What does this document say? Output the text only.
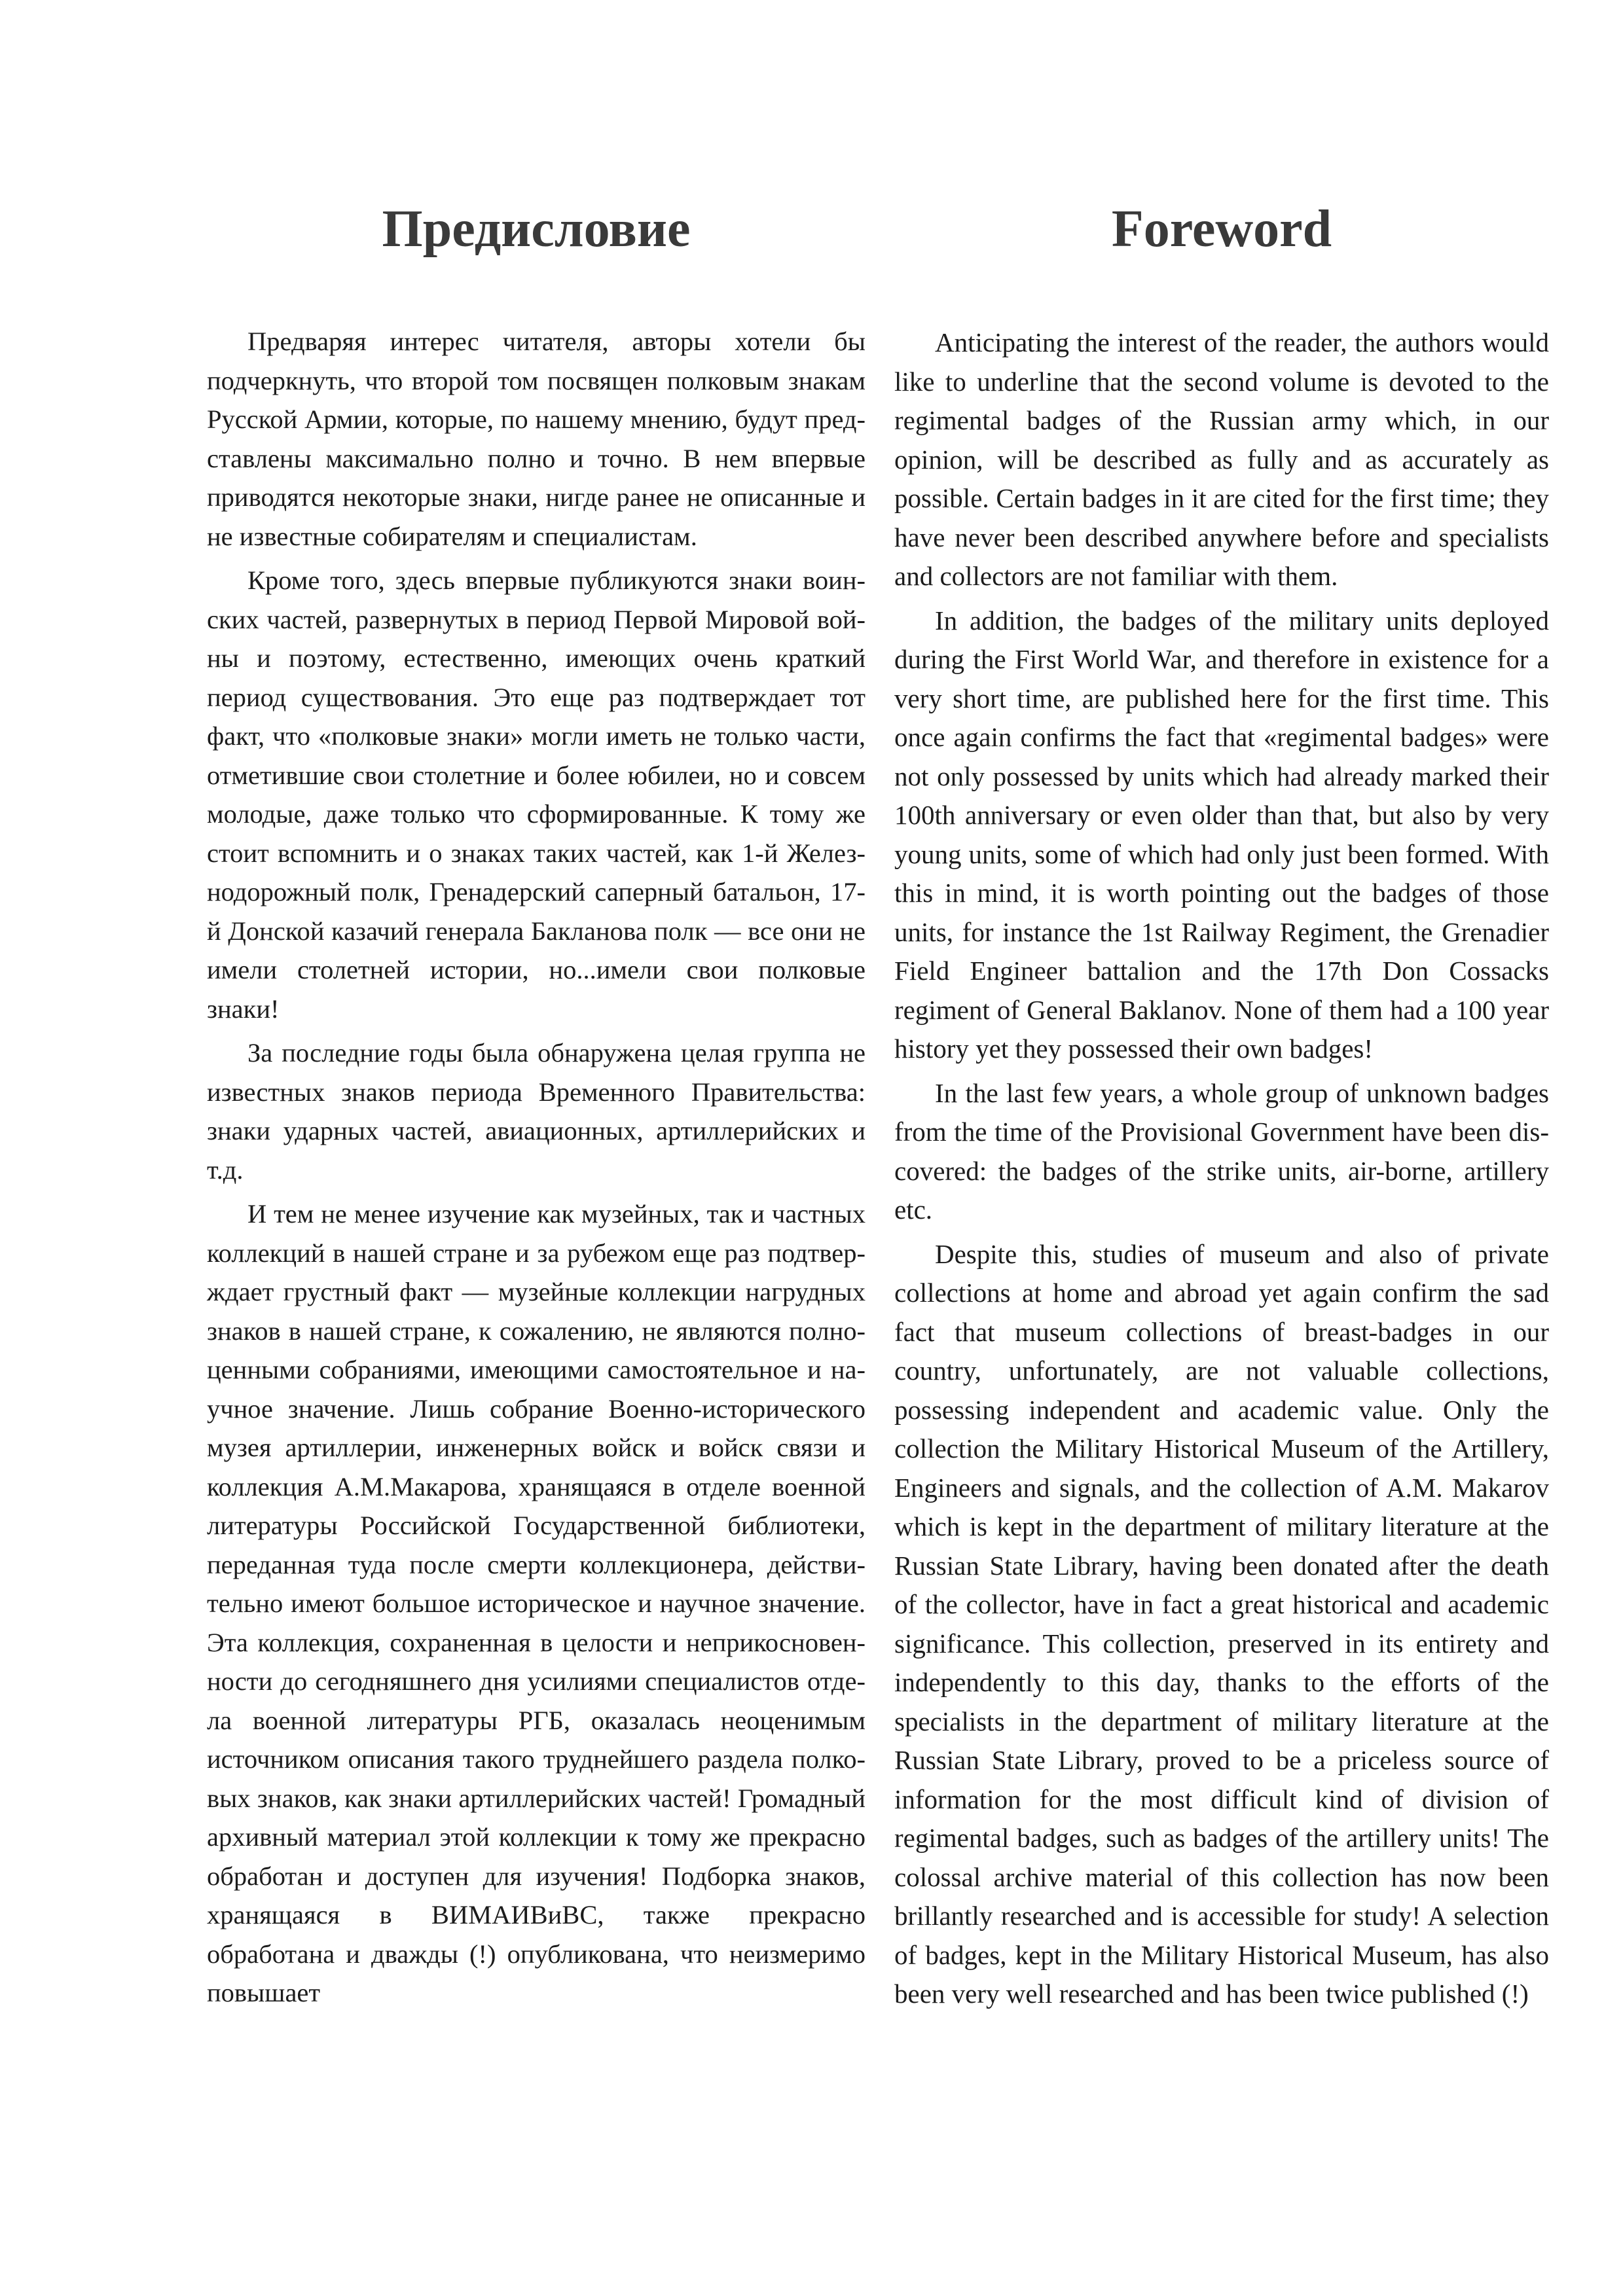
Предисловие

Предваряя интерес читателя, авторы хотели бы подчеркнуть, что второй том посвящен полковым знакам Русской Армии, которые, по нашему мнению, будут представлены максимально полно и точно. В нем впервые приводятся некоторые знаки, нигде ранее не описанные и не известные собирателям и специалистам.

Кроме того, здесь впервые публикуются знаки воинских частей, развернутых в период Первой Мировой войны и поэтому, естественно, имеющих очень краткий период существования. Это еще раз подтверждает тот факт, что «полковые знаки» могли иметь не только части, отметившие свои столетние и более юбилеи, но и совсем молодые, даже только что сформированные. К тому же стоит вспомнить и о знаках таких частей, как 1-й Железнодорожный полк, Гренадерский саперный батальон, 17-й Донской казачий генерала Бакланова полк — все они не имели столетней истории, но...имели свои полковые знаки!

За последние годы была обнаружена целая группа не известных знаков периода Временного Правительства: знаки ударных частей, авиационных, артиллерийских и т.д.

И тем не менее изучение как музейных, так и частных коллекций в нашей стране и за рубежом еще раз подтверждает грустный факт — музейные коллекции нагрудных знаков в нашей стране, к сожалению, не являются полноценными собраниями, имеющими самостоятельное и научное значение. Лишь собрание Военно-исторического музея артиллерии, инженерных войск и войск связи и коллекция А.М.Макарова, хранящаяся в отделе военной литературы Российской Государственной библиотеки, переданная туда после смерти коллекционера, действительно имеют большое историческое и научное значение. Эта коллекция, сохраненная в целости и неприкосновенности до сегодняшнего дня усилиями специалистов отдела военной литературы РГБ, оказалась неоценимым источником описания такого труднейшего раздела полковых знаков, как знаки артиллерийских частей! Громадный архивный материал этой коллекции к тому же прекрасно обработан и доступен для изучения! Подборка знаков, хранящаяся в ВИМАИВиВС, также прекрасно обработана и дважды (!) опубликована, что неизмеримо повышает

Foreword

Anticipating the interest of the reader, the authors would like to underline that the second volume is devoted to the regimental badges of the Russian army which, in our opinion, will be described as fully and as accurately as possible. Certain badges in it are cited for the first time; they have never been described anywhere before and specialists and collectors are not familiar with them.

In addition, the badges of the military units deployed during the First World War, and therefore in existence for a very short time, are published here for the first time. This once again confirms the fact that «regimental badges» were not only possessed by units which had already marked their 100th anniversary or even older than that, but also by very young units, some of which had only just been formed. With this in mind, it is worth pointing out the badges of those units, for instance the 1st Railway Regiment, the Grenadier Field Engineer battalion and the 17th Don Cossacks regiment of General Baklanov. None of them had a 100 year history yet they possessed their own badges!

In the last few years, a whole group of unknown badges from the time of the Provisional Government have been discovered: the badges of the strike units, air-borne, artillery etc.

Despite this, studies of museum and also of private collections at home and abroad yet again confirm the sad fact that museum collections of breast-badges in our country, unfortunately, are not valuable collections, possessing independent and academic value. Only the collection the Military Historical Museum of the Artillery, Engineers and signals, and the collection of A.M. Makarov which is kept in the department of military literature at the Russian State Library, having been donated after the death of the collector, have in fact a great historical and academic significance. This collection, preserved in its entirety and independently to this day, thanks to the efforts of the specialists in the department of military literature at the Russian State Library, proved to be a priceless source of information for the most difficult kind of division of regimental badges, such as badges of the artillery units! The colossal archive material of this collection has now been brillantly researched and is accessible for study! A selection of badges, kept in the Military Historical Museum, has also been very well researched and has been twice published (!)
